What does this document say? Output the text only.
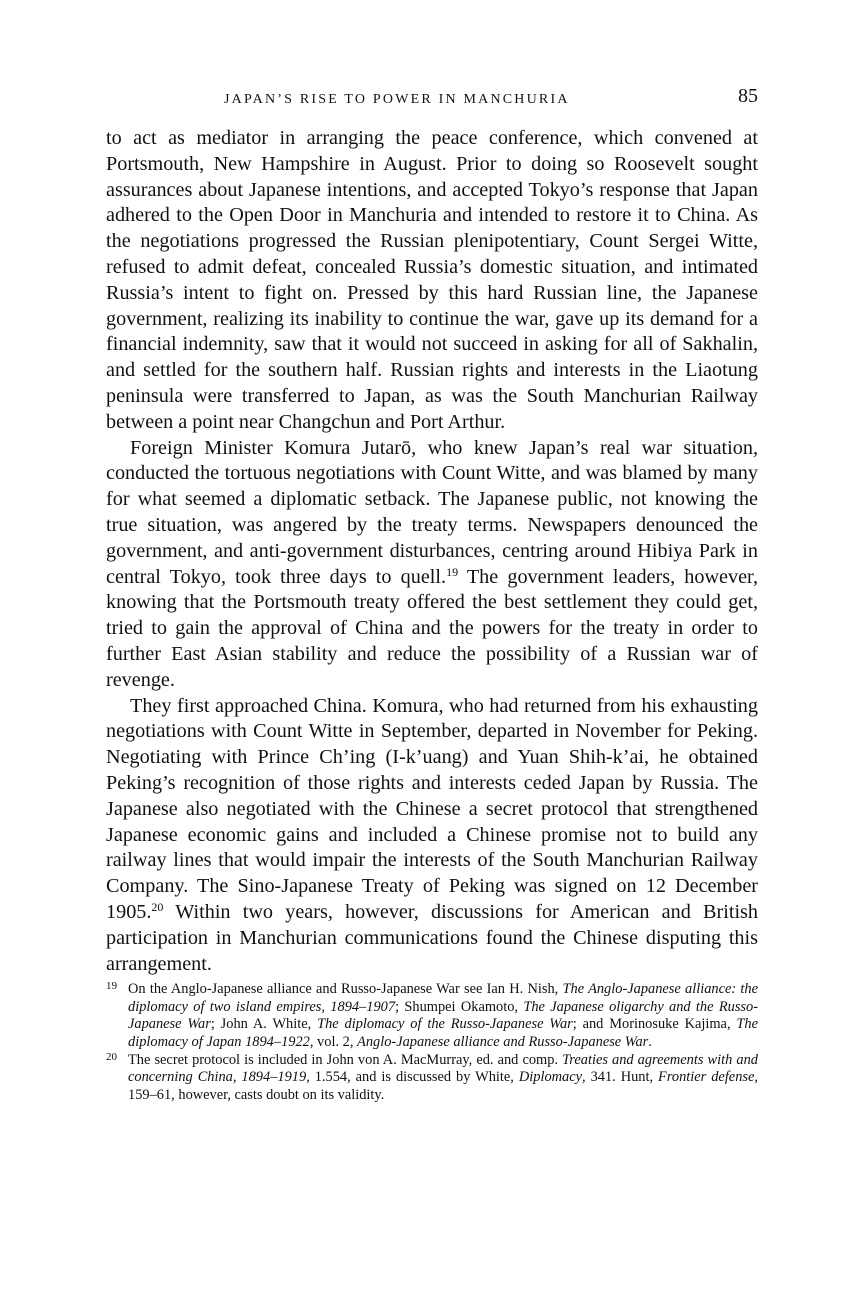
JAPAN’S RISE TO POWER IN MANCHURIA	85

to act as mediator in arranging the peace conference, which convened at Portsmouth, New Hampshire in August. Prior to doing so Roosevelt sought assurances about Japanese intentions, and accepted Tokyo’s response that Japan adhered to the Open Door in Manchuria and intended to restore it to China. As the negotiations progressed the Russian plenipotentiary, Count Sergei Witte, refused to admit defeat, concealed Russia’s domestic situation, and intimated Russia’s intent to fight on. Pressed by this hard Russian line, the Japanese government, realizing its inability to continue the war, gave up its demand for a financial indemnity, saw that it would not succeed in asking for all of Sakhalin, and settled for the southern half. Russian rights and interests in the Liaotung peninsula were transferred to Japan, as was the South Manchurian Railway between a point near Changchun and Port Arthur.

Foreign Minister Komura Jutarō, who knew Japan’s real war situation, conducted the tortuous negotiations with Count Witte, and was blamed by many for what seemed a diplomatic setback. The Japanese public, not knowing the true situation, was angered by the treaty terms. Newspapers denounced the government, and anti-government disturbances, centring around Hibiya Park in central Tokyo, took three days to quell.$^{19}$ The government leaders, however, knowing that the Portsmouth treaty offered the best settlement they could get, tried to gain the approval of China and the powers for the treaty in order to further East Asian stability and reduce the possibility of a Russian war of revenge.

They first approached China. Komura, who had returned from his exhausting negotiations with Count Witte in September, departed in November for Peking. Negotiating with Prince Ch’ing (I-k’uang) and Yuan Shih-k’ai, he obtained Peking’s recognition of those rights and interests ceded Japan by Russia. The Japanese also negotiated with the Chinese a secret protocol that strengthened Japanese economic gains and included a Chinese promise not to build any railway lines that would impair the interests of the South Manchurian Railway Company. The Sino-Japanese Treaty of Peking was signed on 12 December 1905.20 Within two years, however, discussions for American and British participation in Manchurian communications found the Chinese disputing this arrangement.

19 On the Anglo-Japanese alliance and Russo-Japanese War see Ian H. Nish, The Anglo-Japanese alliance: the diplomacy of two island empires, 1894–1907; Shumpei Okamoto, The Japanese oligarchy and the Russo-Japanese War; John A. White, The diplomacy of the Russo-Japanese War; and Morinosuke Kajima, The diplomacy of Japan 1894–1922, vol. 2, Anglo-Japanese alliance and Russo-Japanese War.
20 The secret protocol is included in John von A. MacMurray, ed. and comp. Treaties and agreements with and concerning China, 1894–1919, 1.554, and is discussed by White, Diplomacy, 341. Hunt, Frontier defense, 159–61, however, casts doubt on its validity.
